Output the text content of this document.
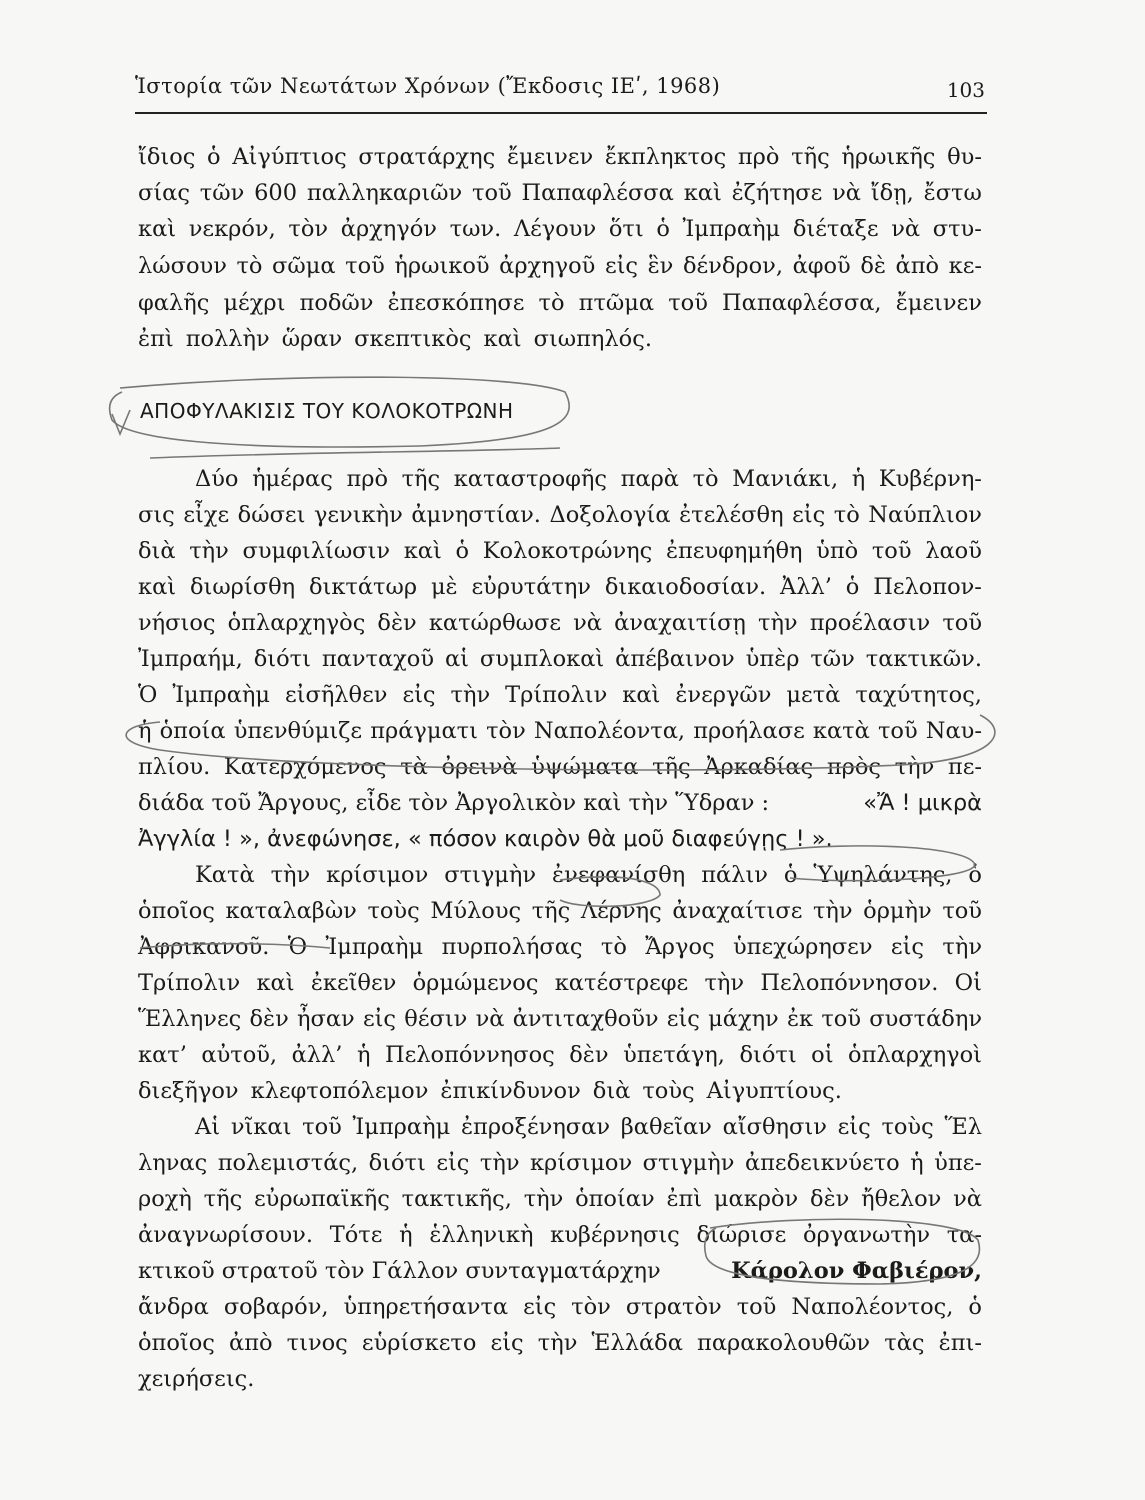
Ἱστορία τῶν Νεωτάτων Χρόνων (Ἔκδοσις ΙΕʹ, 1968)	103
ἴδιος ὁ Αἰγύπτιος στρατάρχης ἔμεινεν ἔκπληκτος πρὸ τῆς ἡρωικῆς θυ-
σίας τῶν 600 παλληκαριῶν τοῦ Παπαφλέσσα καὶ ἐζήτησε νὰ ἴδῃ, ἔστω
καὶ νεκρόν, τὸν ἀρχηγόν των. Λέγουν ὅτι ὁ Ἰμπραὴμ διέταξε νὰ στυ-
λώσουν τὸ σῶμα τοῦ ἡρωικοῦ ἀρχηγοῦ εἰς ἓν δένδρον, ἀφοῦ δὲ ἀπὸ κε-
φαλῆς μέχρι ποδῶν ἐπεσκόπησε τὸ πτῶμα τοῦ Παπαφλέσσα, ἔμεινεν
ἐπὶ πολλὴν ὥραν σκεπτικὸς καὶ σιωπηλός.
ΑΠΟΦΥΛΑΚΙΣΙΣ ΤΟΥ ΚΟΛΟΚΟΤΡΩΝΗ
Δύο ἡμέρας πρὸ τῆς καταστροφῆς παρὰ τὸ Μανιάκι, ἡ Κυβέρνη-
σις εἶχε δώσει γενικὴν ἀμνηστίαν. Δοξολογία ἐτελέσθη εἰς τὸ Ναύπλιον
διὰ τὴν συμφιλίωσιν καὶ ὁ Κολοκοτρώνης ἐπευφημήθη ὑπὸ τοῦ λαοῦ
καὶ διωρίσθη δικτάτωρ μὲ εὐρυτάτην δικαιοδοσίαν. Ἀλλ’ ὁ Πελοπον-
νήσιος ὁπλαρχηγὸς δὲν κατώρθωσε νὰ ἀναχαιτίσῃ τὴν προέλασιν τοῦ
Ἰμπραήμ, διότι πανταχοῦ αἱ συμπλοκαὶ ἀπέβαινον ὑπὲρ τῶν τακτικῶν.
Ὁ Ἰμπραὴμ εἰσῆλθεν εἰς τὴν Τρίπολιν καὶ ἐνεργῶν μετὰ ταχύτητος,
ἡ ὁποία ὑπενθύμιζε πράγματι τὸν Ναπολέοντα, προήλασε κατὰ τοῦ Ναυ-
πλίου. Κατερχόμενος τὰ ὀρεινὰ ὑψώματα τῆς Ἀρκαδίας πρὸς τὴν πε-
διάδα τοῦ Ἄργους, εἶδε τὸν Ἀργολικὸν καὶ τὴν Ὕδραν :	«Ἄ ! μικρὰ
Ἀγγλία ! », ἀνεφώνησε, « πόσον καιρὸν θὰ μοῦ διαφεύγῃς ! ».
Κατὰ τὴν κρίσιμον στιγμὴν ἐνεφανίσθη πάλιν ὁ Ὑψηλάντης, ὁ
ὁποῖος καταλαβὼν τοὺς Μύλους τῆς Λέρνης ἀναχαίτισε τὴν ὁρμὴν τοῦ
Ἀφρικανοῦ. Ὁ Ἰμπραὴμ πυρπολήσας τὸ Ἄργος ὑπεχώρησεν εἰς τὴν
Τρίπολιν καὶ ἐκεῖθεν ὁρμώμενος κατέστρεφε τὴν Πελοπόννησον. Οἱ
Ἕλληνες δὲν ἦσαν εἰς θέσιν νὰ ἀντιταχθοῦν εἰς μάχην ἐκ τοῦ συστάδην
κατ’ αὐτοῦ, ἀλλ’ ἡ Πελοπόννησος δὲν ὑπετάγη, διότι οἱ ὁπλαρχηγοὶ
διεξῆγον κλεφτοπόλεμον ἐπικίνδυνον διὰ τοὺς Αἰγυπτίους.
Αἱ νῖκαι τοῦ Ἰμπραὴμ ἐπροξένησαν βαθεῖαν αἴσθησιν εἰς τοὺς Ἕλ
ληνας πολεμιστάς, διότι εἰς τὴν κρίσιμον στιγμὴν ἀπεδεικνύετο ἡ ὑπε-
ροχὴ τῆς εὐρωπαϊκῆς τακτικῆς, τὴν ὁποίαν ἐπὶ μακρὸν δὲν ἤθελον νὰ
ἀναγνωρίσουν. Τότε ἡ ἑλληνικὴ κυβέρνησις διώρισε ὀργανωτὴν τα-
κτικοῦ στρατοῦ τὸν Γάλλον συνταγματάρχην	Κάρολον Φαβιέρον,
ἄνδρα σοβαρόν, ὑπηρετήσαντα εἰς τὸν στρατὸν τοῦ Ναπολέοντος, ὁ
ὁποῖος ἀπὸ τινος εὑρίσκετο εἰς τὴν Ἑλλάδα παρακολουθῶν τὰς ἐπι-
χειρήσεις.
